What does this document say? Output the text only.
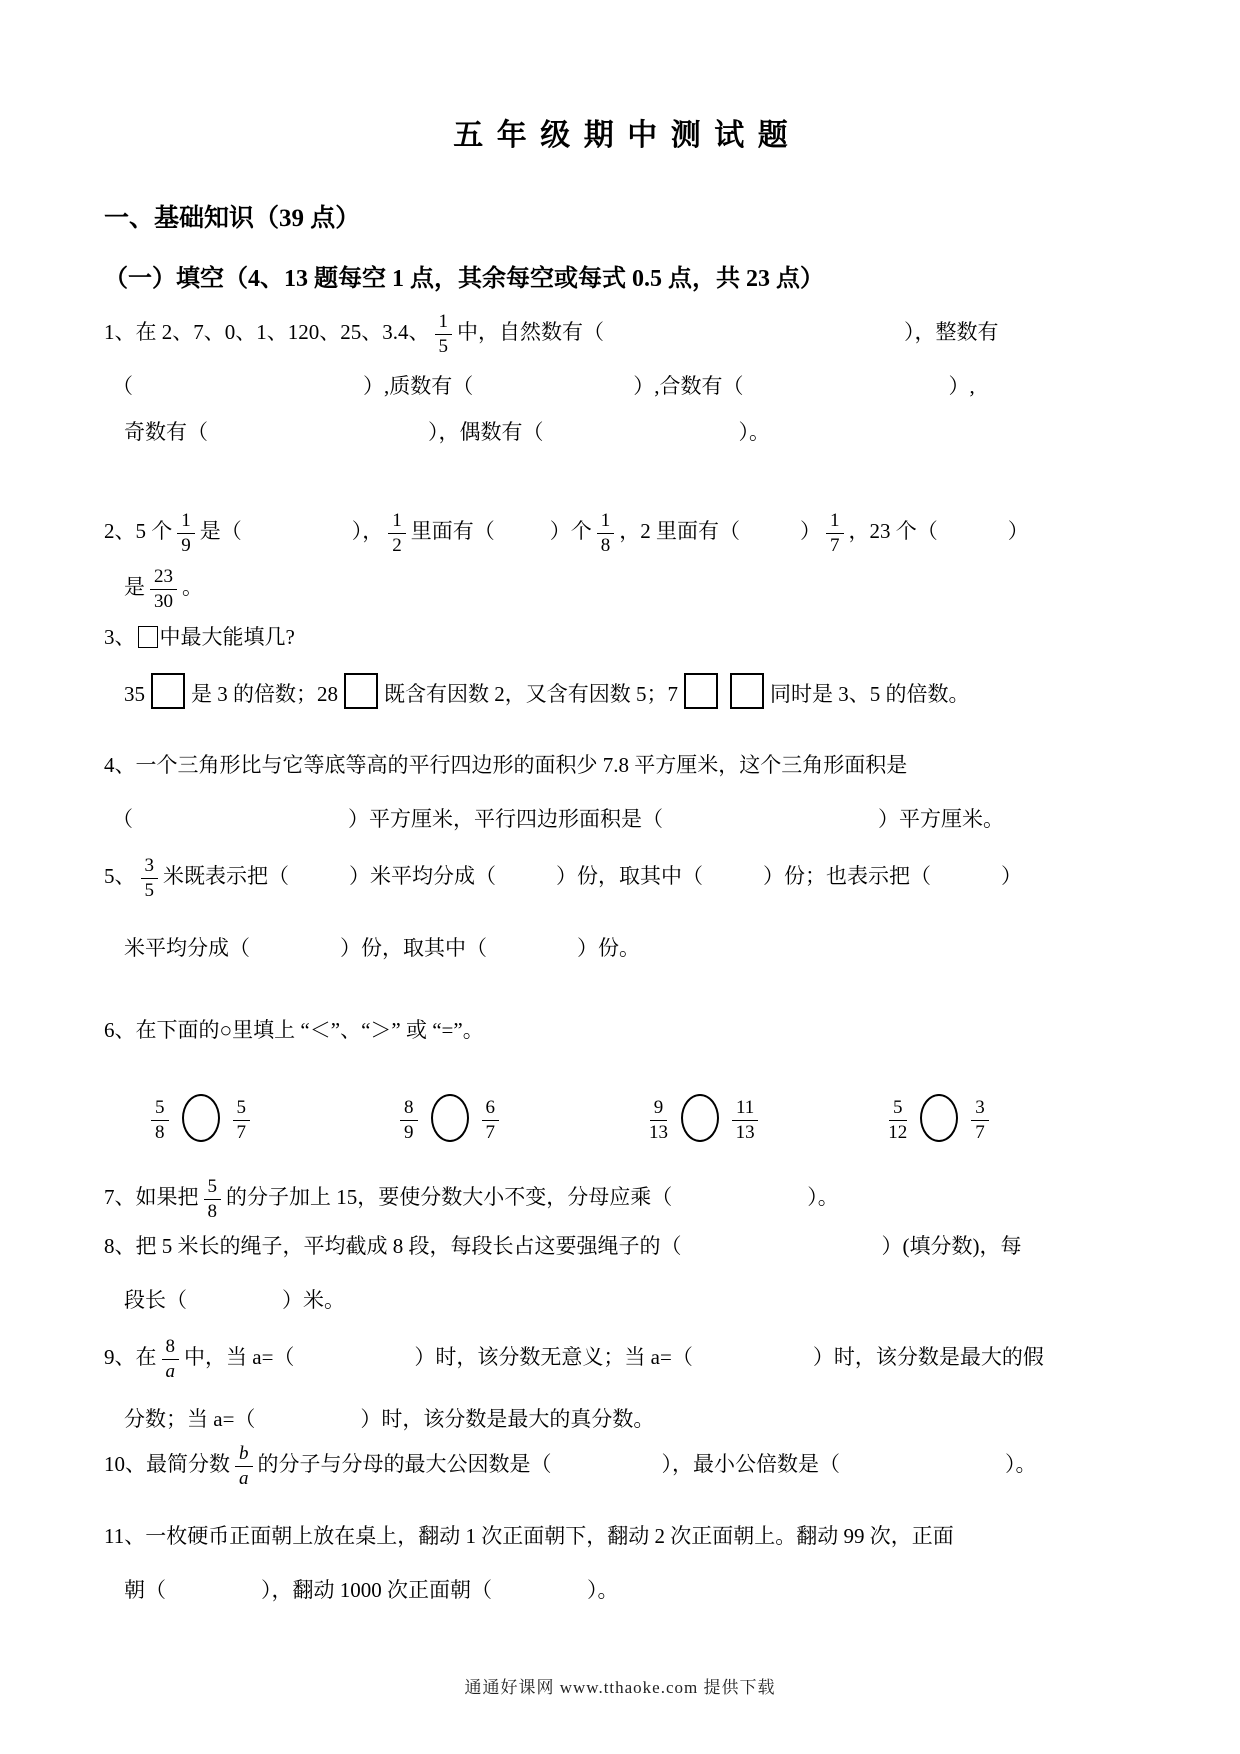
五 年 级 期 中 测 试 题
一、基础知识（39 点）
（一）填空（4、13 题每空 1 点，其余每空或每式 0.5 点，共 23 点）
1、在 2、7、0、1、120、25、3.4、 $\frac{1}{5}$ 中，自然数有（	），整数有
（	）,质数有（	）,合数有（	）,
奇数有（	），偶数有（	）。
2、5 个 $\frac{1}{9}$ 是（	）， $\frac{1}{2}$ 里面有（	）个 $\frac{1}{8}$ ，2 里面有（	） $\frac{1}{7}$ ，23 个（	）
是 $\frac{23}{30}$ 。
3、 中最大能填几?
35 是 3 的倍数；28 既含有因数 2，又含有因数 5；7	同时是 3、5 的倍数。
4、一个三角形比与它等底等高的平行四边形的面积少 7.8 平方厘米，这个三角形面积是
（	）平方厘米，平行四边形面积是（	）平方厘米。
5、 $\frac{3}{5}$ 米既表示把（	）米平均分成（	）份，取其中（	）份；也表示把（	）
米平均分成（	）份，取其中（	）份。
6、在下面的○里填上 “＜”、“＞” 或 “=”。
$\frac{5}{8}$	$\frac{5}{7}$	$\frac{8}{9}$	$\frac{6}{7}$	$\frac{9}{13}$	$\frac{11}{13}$	$\frac{5}{12}$	$\frac{3}{7}$
7、如果把 $\frac{5}{8}$ 的分子加上 15，要使分数大小不变，分母应乘（	）。
8、把 5 米长的绳子，平均截成 8 段，每段长占这要强绳子的（	）(填分数)，每
段长（	）米。
9、在 $\frac{8}{a}$ 中，当 a=（	）时，该分数无意义；当 a=（	）时，该分数是最大的假
分数；当 a=（	）时，该分数是最大的真分数。
10、最简分数 $\frac{b}{a}$ 的分子与分母的最大公因数是（	），最小公倍数是（	）。
11、一枚硬币正面朝上放在桌上，翻动 1 次正面朝下，翻动 2 次正面朝上。翻动 99 次，正面
朝（	），翻动 1000 次正面朝（	）。
通通好课网 www.tthaoke.com 提供下载
